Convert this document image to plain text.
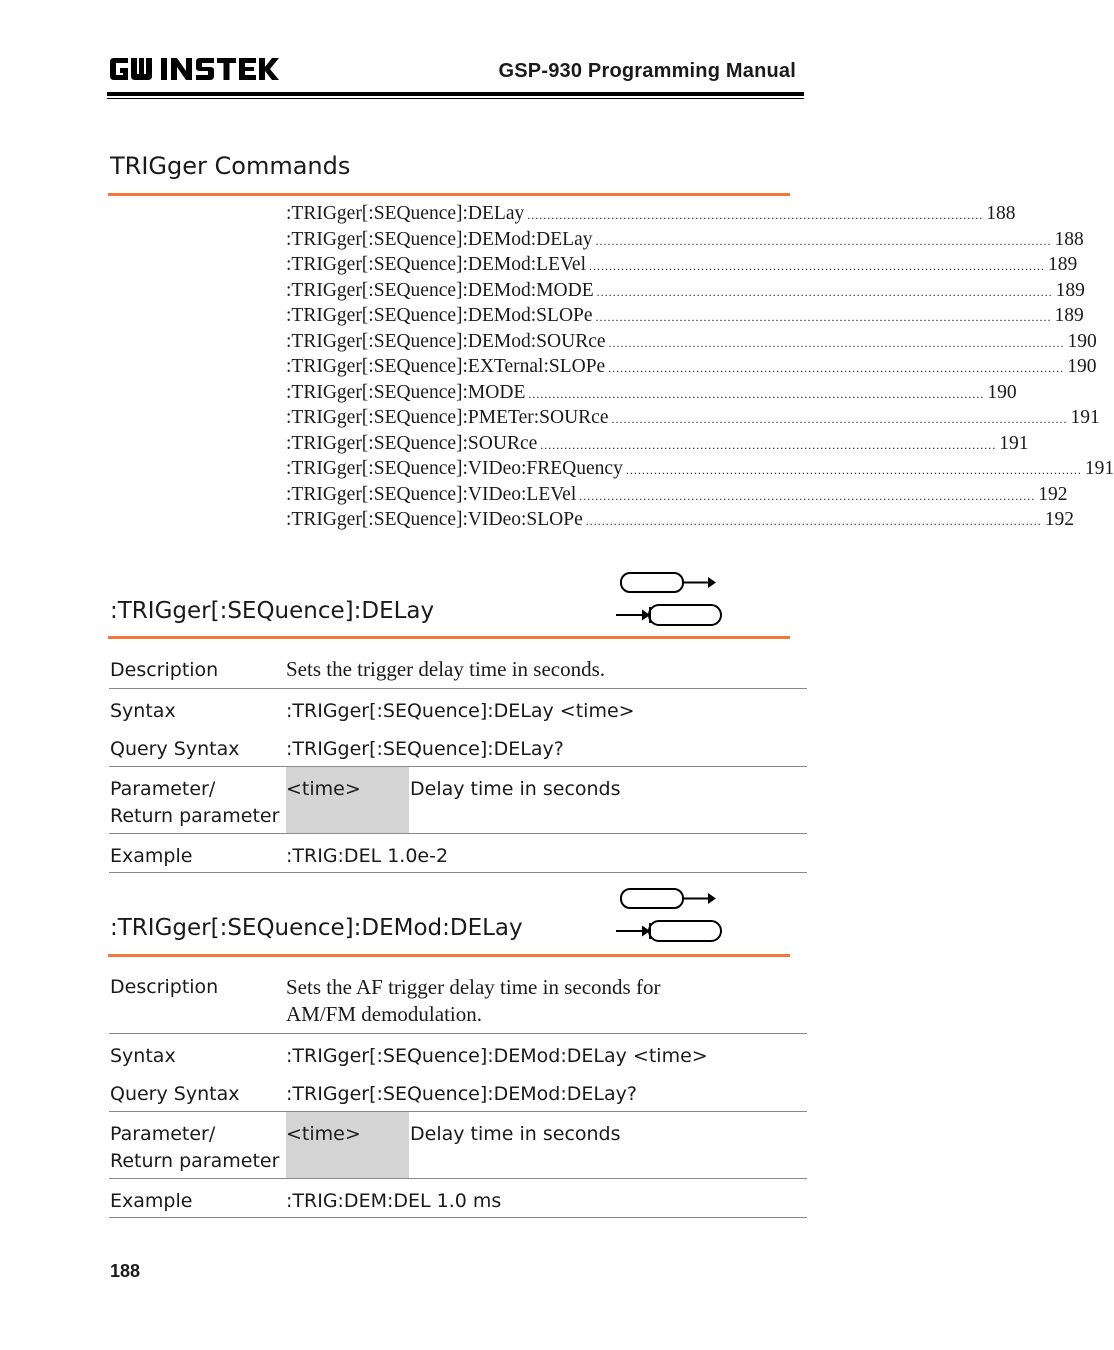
GSP-930 Programming Manual
TRIGger Commands
:TRIGger[:SEQuence]:DELay .................................................................................................................. 188
:TRIGger[:SEQuence]:DEMod:DELay .................................................................................................................. 188
:TRIGger[:SEQuence]:DEMod:LEVel .................................................................................................................. 189
:TRIGger[:SEQuence]:DEMod:MODE .................................................................................................................. 189
:TRIGger[:SEQuence]:DEMod:SLOPe .................................................................................................................. 189
:TRIGger[:SEQuence]:DEMod:SOURce .................................................................................................................. 190
:TRIGger[:SEQuence]:EXTernal:SLOPe .................................................................................................................. 190
:TRIGger[:SEQuence]:MODE .................................................................................................................. 190
:TRIGger[:SEQuence]:PMETer:SOURce .................................................................................................................. 191
:TRIGger[:SEQuence]:SOURce .................................................................................................................. 191
:TRIGger[:SEQuence]:VIDeo:FREQuency .................................................................................................................. 191
:TRIGger[:SEQuence]:VIDeo:LEVel .................................................................................................................. 192
:TRIGger[:SEQuence]:VIDeo:SLOPe .................................................................................................................. 192
:TRIGger[:SEQuence]:DELay
Description	Sets the trigger delay time in seconds.
Syntax	:TRIGger[:SEQuence]:DELay <time>
Query Syntax :TRIGger[:SEQuence]:DELay?
Parameter/
Return parameter
<time>	Delay time in seconds
Example	:TRIG:DEL 1.0e-2
:TRIGger[:SEQuence]:DEMod:DELay
Description	Sets the AF trigger delay time in seconds for
AM/FM demodulation.
Syntax	:TRIGger[:SEQuence]:DEMod:DELay <time>
Query Syntax :TRIGger[:SEQuence]:DEMod:DELay?
Parameter/
Return parameter
<time>	Delay time in seconds
Example	:TRIG:DEM:DEL 1.0 ms
188
